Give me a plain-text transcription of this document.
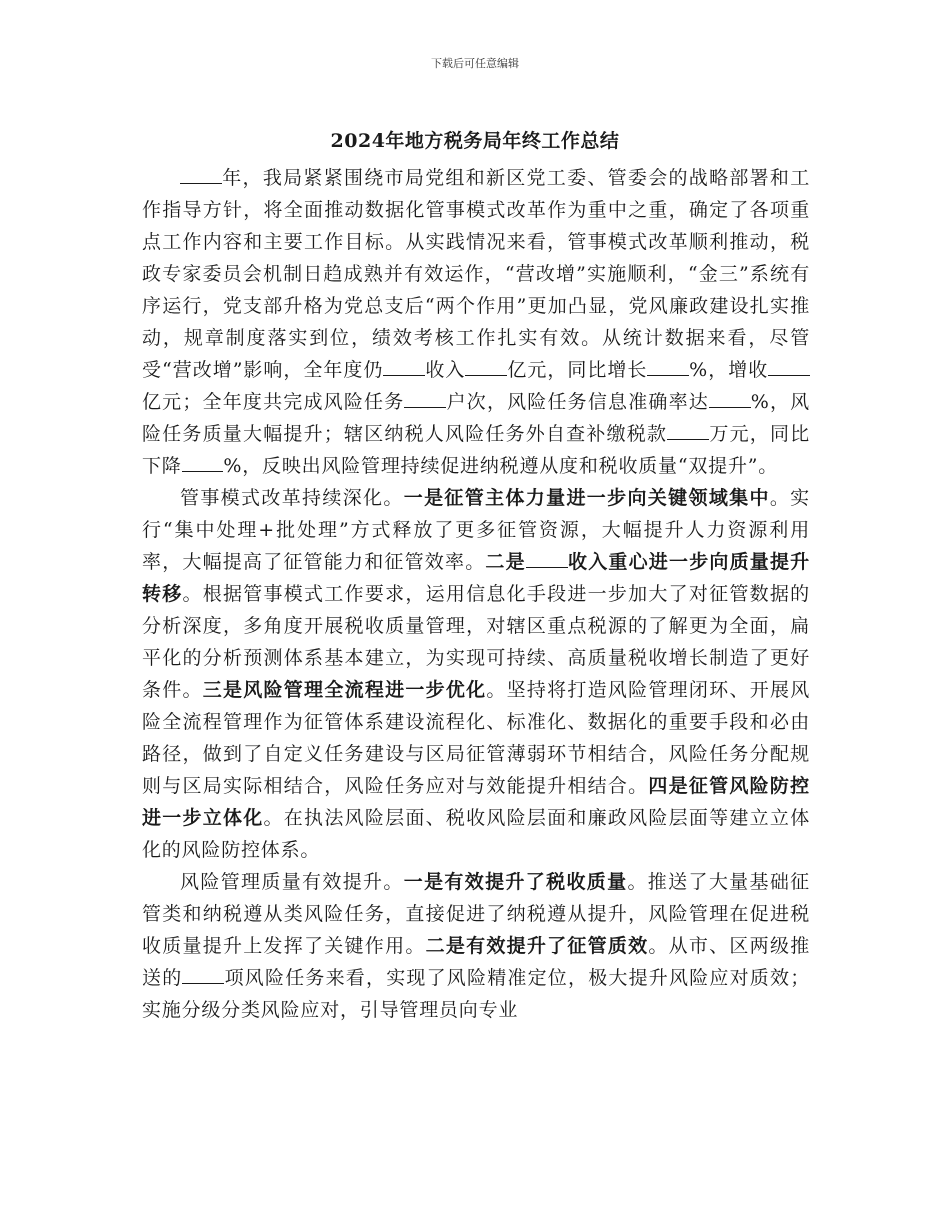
下载后可任意编辑
2024年地方税务局年终工作总结

年，我局紧紧围绕市局党组和新区党工委、管委会的战略部署和工作指导方针，将全面推动数据化管事模式改革作为重中之重，确定了各项重点工作内容和主要工作目标。从实践情况来看，管事模式改革顺利推动，税政专家委员会机制日趋成熟并有效运作，“营改增”实施顺利，“金三”系统有序运行，党支部升格为党总支后“两个作用”更加凸显，党风廉政建设扎实推动，规章制度落实到位，绩效考核工作扎实有效。从统计数据来看，尽管受“营改增”影响，全年度仍 收入 亿元，同比增长 %，增收亿元；全年度共完成风险任务 户次，风险任务信息准确率达 %，风险任务质量大幅提升；辖区纳税人风险任务外自查补缴税款 万元，同比下降 %，反映出风险管理持续促进纳税遵从度和税收质量“双提升”。

管事模式改革持续深化。一是征管主体力量进一步向关键领域集中。实行“集中处理+批处理”方式释放了更多征管资源，大幅提升人力资源利用率，大幅提高了征管能力和征管效率。二是 收入重心进一步向质量提升转移。根据管事模式工作要求，运用信息化手段进一步加大了对征管数据的分析深度，多角度开展税收质量管理，对辖区重点税源的了解更为全面，扁平化的分析预测体系基本建立，为实现可持续、高质量税收增长制造了更好条件。三是风险管理全流程进一步优化。坚持将打造风险管理闭环、开展风险全流程管理作为征管体系建设流程化、标准化、数据化的重要手段和必由路径，做到了自定义任务建设与区局征管薄弱环节相结合，风险任务分配规则与区局实际相结合，风险任务应对与效能提升相结合。四是征管风险防控进一步立体化。在执法风险层面、税收风险层面和廉政风险层面等建立立体化的风险防控体系。

风险管理质量有效提升。一是有效提升了税收质量。推送了大量基础征管类和纳税遵从类风险任务，直接促进了纳税遵从提升，风险管理在促进税收质量提升上发挥了关键作用。二是有效提升了征管质效。从市、区两级推送的 项风险任务来看，实现了风险精准定位，极大提升风险应对质效；实施分级分类风险应对，引导管理员向专业
